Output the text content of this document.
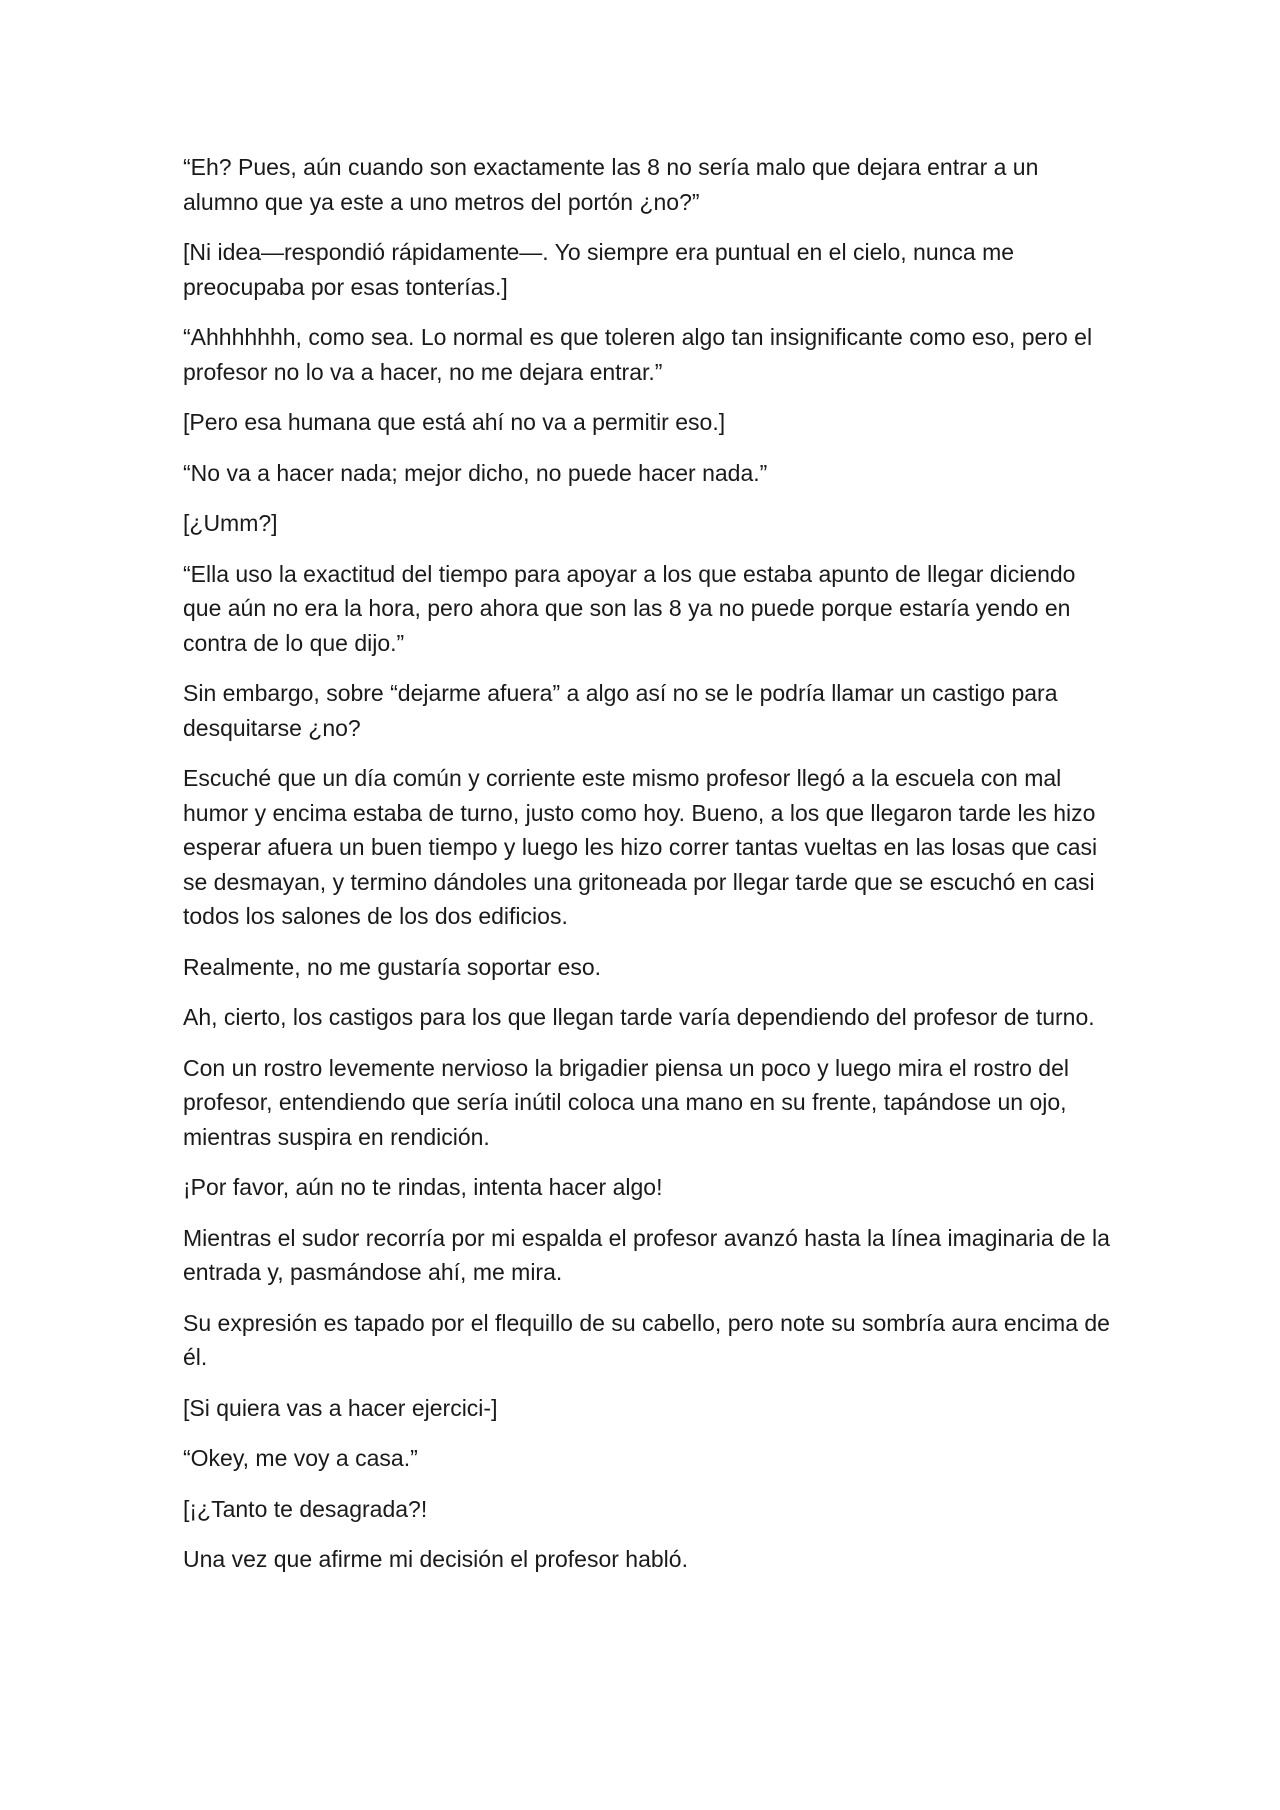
“Eh? Pues, aún cuando son exactamente las 8 no sería malo que dejara entrar a un alumno que ya este a uno metros del portón ¿no?”

[Ni idea—respondió rápidamente—. Yo siempre era puntual en el cielo, nunca me preocupaba por esas tonterías.]

“Ahhhhhhh, como sea. Lo normal es que toleren algo tan insignificante como eso, pero el profesor no lo va a hacer, no me dejara entrar.”

[Pero esa humana que está ahí no va a permitir eso.]

“No va a hacer nada; mejor dicho, no puede hacer nada.”

[¿Umm?]

“Ella uso la exactitud del tiempo para apoyar a los que estaba apunto de llegar diciendo que aún no era la hora, pero ahora que son las 8 ya no puede porque estaría yendo en contra de lo que dijo.”

Sin embargo, sobre “dejarme afuera” a algo así no se le podría llamar un castigo para desquitarse ¿no?

Escuché que un día común y corriente este mismo profesor llegó a la escuela con mal humor y encima estaba de turno, justo como hoy. Bueno, a los que llegaron tarde les hizo esperar afuera un buen tiempo y luego les hizo correr tantas vueltas en las losas que casi se desmayan, y termino dándoles una gritoneada por llegar tarde que se escuchó en casi todos los salones de los dos edificios.

Realmente, no me gustaría soportar eso.

Ah, cierto, los castigos para los que llegan tarde varía dependiendo del profesor de turno.

Con un rostro levemente nervioso la brigadier piensa un poco y luego mira el rostro del profesor, entendiendo que sería inútil coloca una mano en su frente, tapándose un ojo, mientras suspira en rendición.

¡Por favor, aún no te rindas, intenta hacer algo!

Mientras el sudor recorría por mi espalda el profesor avanzó hasta la línea imaginaria de la entrada y, pasmándose ahí, me mira.

Su expresión es tapado por el flequillo de su cabello, pero note su sombría aura encima de él.

[Si quiera vas a hacer ejercici-]

“Okey, me voy a casa.”

[¡¿Tanto te desagrada?!

Una vez que afirme mi decisión el profesor habló.
